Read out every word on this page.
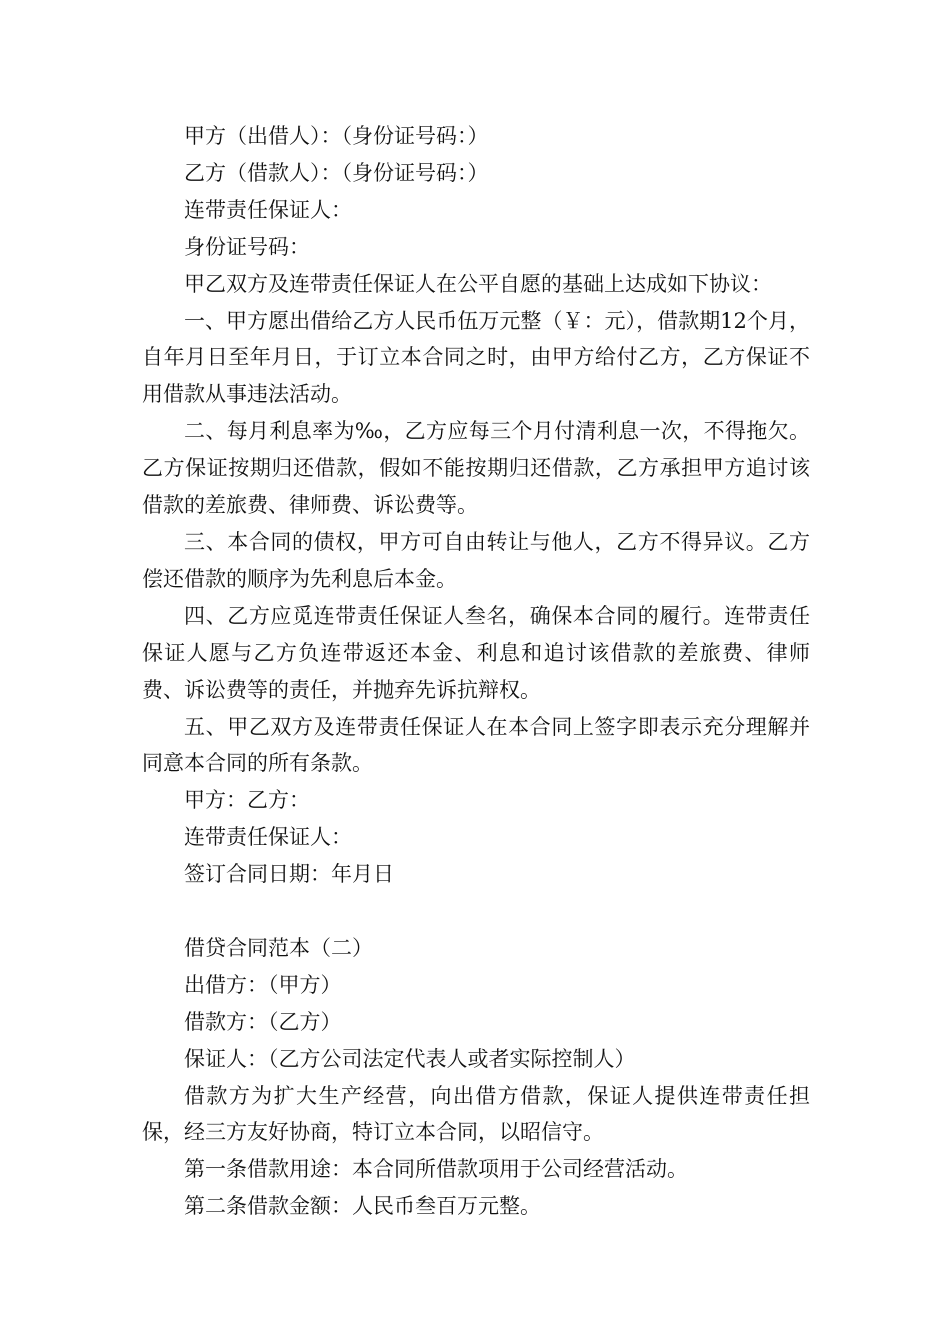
甲方（出借人）：（身份证号码：）

乙方（借款人）：（身份证号码：）

连带责任保证人：

身份证号码：

甲乙双方及连带责任保证人在公平自愿的基础上达成如下协议：

一、甲方愿出借给乙方人民币伍万元整（￥：元），借款期12个月，自年月日至年月日，于订立本合同之时，由甲方给付乙方，乙方保证不用借款从事违法活动。

二、每月利息率为‰，乙方应每三个月付清利息一次，不得拖欠。乙方保证按期归还借款，假如不能按期归还借款，乙方承担甲方追讨该借款的差旅费、律师费、诉讼费等。

三、本合同的债权，甲方可自由转让与他人，乙方不得异议。乙方偿还借款的顺序为先利息后本金。

四、乙方应觅连带责任保证人叁名，确保本合同的履行。连带责任保证人愿与乙方负连带返还本金、利息和追讨该借款的差旅费、律师费、诉讼费等的责任，并抛弃先诉抗辩权。

五、甲乙双方及连带责任保证人在本合同上签字即表示充分理解并同意本合同的所有条款。

甲方：乙方：

连带责任保证人：

签订合同日期：年月日

借贷合同范本（二）

出借方：（甲方）

借款方：（乙方）

保证人：（乙方公司法定代表人或者实际控制人）

借款方为扩大生产经营，向出借方借款，保证人提供连带责任担保，经三方友好协商，特订立本合同，以昭信守。

第一条借款用途：本合同所借款项用于公司经营活动。

第二条借款金额：人民币叁百万元整。
